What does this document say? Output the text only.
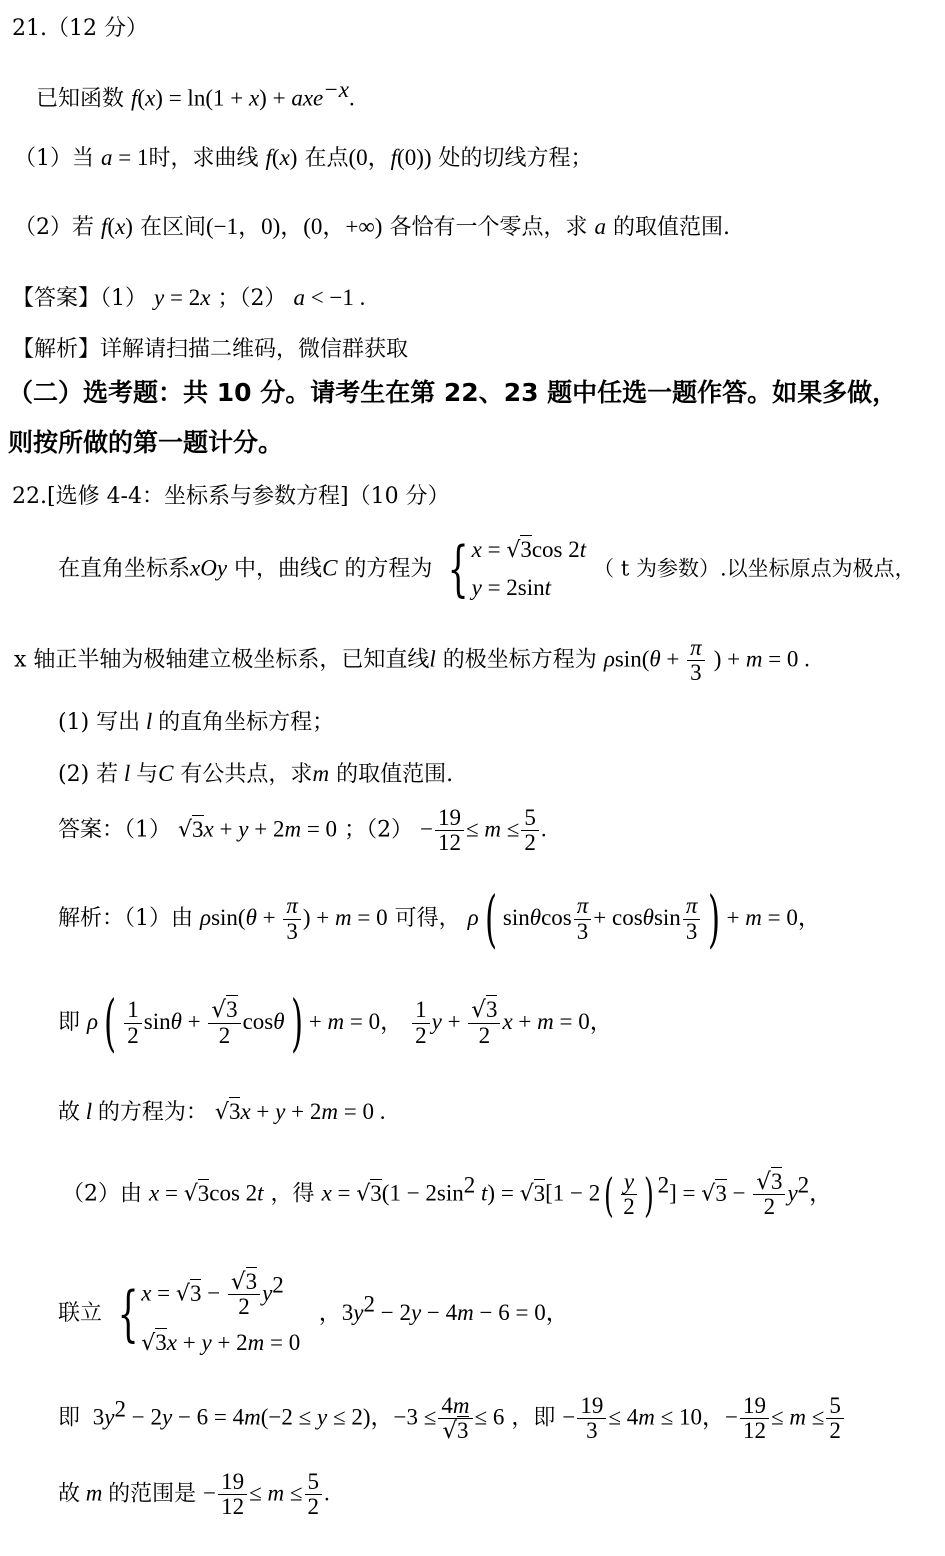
21.（12 分）
已知函数 f(x) = ln(1 + x) + axe$^{-x}$.
（1）当 a = 1时，求曲线 f(x) 在点(0，f(0)) 处的切线方程；
（2）若 f(x) 在区间(−1，0)，(0，+∞) 各恰有一个零点，求 a 的取值范围.
【答案】（1） y = 2x ；（2） a < −1 .
【解析】详解请扫描二维码，微信群获取
（二）选考题：共 10 分。请考生在第 22、23 题中任选一题作答。如果多做，
则按所做的第一题计分。
22.[选修 4-4：坐标系与参数方程]（10 分）
在直角坐标系xOy 中，曲线C 的方程为 { x = √3cos 2t
y = 2sint
（ t 为参数）.以坐标原点为极点，
x 轴正半轴为极轴建立极坐标系，已知直线l 的极坐标方程为 $\rho\sin(\theta + \frac{\pi}{3}$ ) + m = 0 .
(1) 写出 l 的直角坐标方程；
(2) 若 l 与C 有公共点，求m 的取值范围.
答案：（1） √3x + y + 2m = 0 ；$(2) - \frac{19}{12} \le m \le \frac{5}{2}$ .
解析：（1）由 $\rho\sin(\theta + \frac{\pi}{3}$ ) + m = 0 可得， ρ( sinθcos $\frac{\pi}{3} + \cos\theta\sin \frac{\pi}{3}$ ) + m = 0，
即 $\rho( \frac{1}{2}$ $\sin\theta + \frac{√3}{2} \cos\theta) + m = 0$， $\frac{1}{2}$ $y + \frac{√3}{2}$ x + m = 0，
故 l 的方程为： √3x + y + 2m = 0 .
（2）由 x = √3cos 2t ，得 $x = √3(1 - 2\sin^2$ $t) = √3[1 - 2( \frac{y}{2}$ ) $^2] = √3 - \frac{√3}{2} y^2$，
联立 { $x = √3 - \frac{√3}{2} y^2$
√3x + y + 2m = 0
，$3y^2 - 2y - 4m - 6 = 0$，
即  $3y^2 - 2y - 6 = 4m(-2 \le y \le 2)$，$-3 \le \frac{4m}{√3} \le 6$ ，即 − $\frac{19}{3} \le 4m \le 10$，− $\frac{19}{12} \le m \le \frac{5}{2}$
故 m 的范围是 − $\frac{19}{12} \le m \le \frac{5}{2}$ .
